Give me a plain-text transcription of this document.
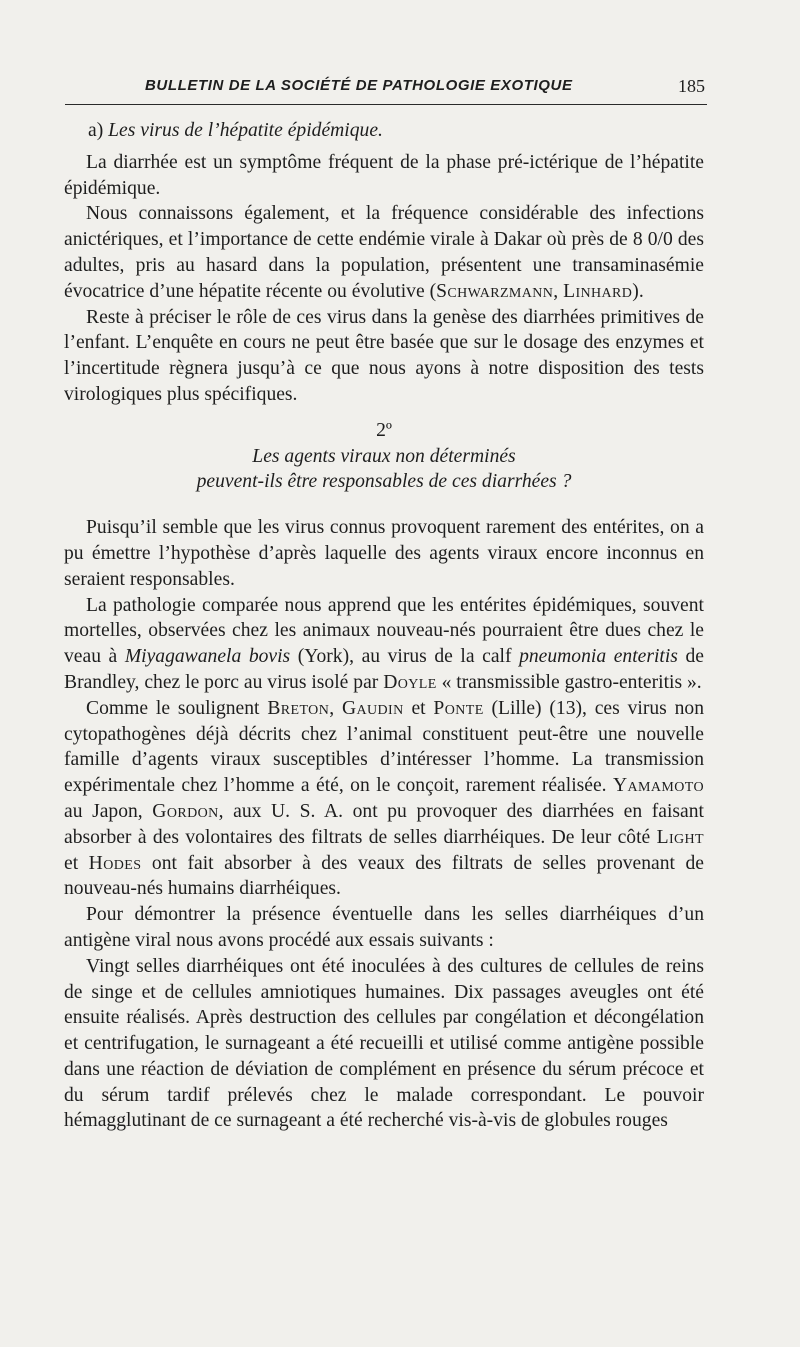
BULLETIN DE LA SOCIÉTÉ DE PATHOLOGIE EXOTIQUE	185

a) Les virus de l’hépatite épidémique.

La diarrhée est un symptôme fréquent de la phase pré-ictérique de l’hépatite épidémique.

Nous connaissons également, et la fréquence considérable des infections anictériques, et l’importance de cette endémie virale à Dakar où près de 8 0/0 des adultes, pris au hasard dans la population, présentent une transaminasémie évocatrice d’une hépatite récente ou évolutive (Schwarzmann, Linhard).

Reste à préciser le rôle de ces virus dans la genèse des diarrhées primitives de l’enfant. L’enquête en cours ne peut être basée que sur le dosage des enzymes et l’incertitude règnera jusqu’à ce que nous ayons à notre disposition des tests virologiques plus spécifiques.

2º
Les agents viraux non déterminés
peuvent-ils être responsables de ces diarrhées ?

Puisqu’il semble que les virus connus provoquent rarement des entérites, on a pu émettre l’hypothèse d’après laquelle des agents viraux encore inconnus en seraient responsables.

La pathologie comparée nous apprend que les entérites épidémiques, souvent mortelles, observées chez les animaux nouveau-nés pourraient être dues chez le veau à Miyagawanela bovis (York), au virus de la calf pneumonia enteritis de Brandley, chez le porc au virus isolé par Doyle « transmissible gastro-enteritis ».

Comme le soulignent Breton, Gaudin et Ponte (Lille) (13), ces virus non cytopathogènes déjà décrits chez l’animal constituent peut-être une nouvelle famille d’agents viraux susceptibles d’intéresser l’homme. La transmission expérimentale chez l’homme a été, on le conçoit, rarement réalisée. Yamamoto au Japon, Gordon, aux U. S. A. ont pu provoquer des diarrhées en faisant absorber à des volontaires des filtrats de selles diarrhéiques. De leur côté Light et Hodes ont fait absorber à des veaux des filtrats de selles provenant de nouveau-nés humains diarrhéiques.

Pour démontrer la présence éventuelle dans les selles diarrhéiques d’un antigène viral nous avons procédé aux essais suivants :

Vingt selles diarrhéiques ont été inoculées à des cultures de cellules de reins de singe et de cellules amniotiques humaines. Dix passages aveugles ont été ensuite réalisés. Après destruction des cellules par congélation et décongélation et centrifugation, le surnageant a été recueilli et utilisé comme antigène possible dans une réaction de déviation de complément en présence du sérum précoce et du sérum tardif prélevés chez le malade correspondant. Le pouvoir hémagglutinant de ce surnageant a été recherché vis-à-vis de globules rouges
